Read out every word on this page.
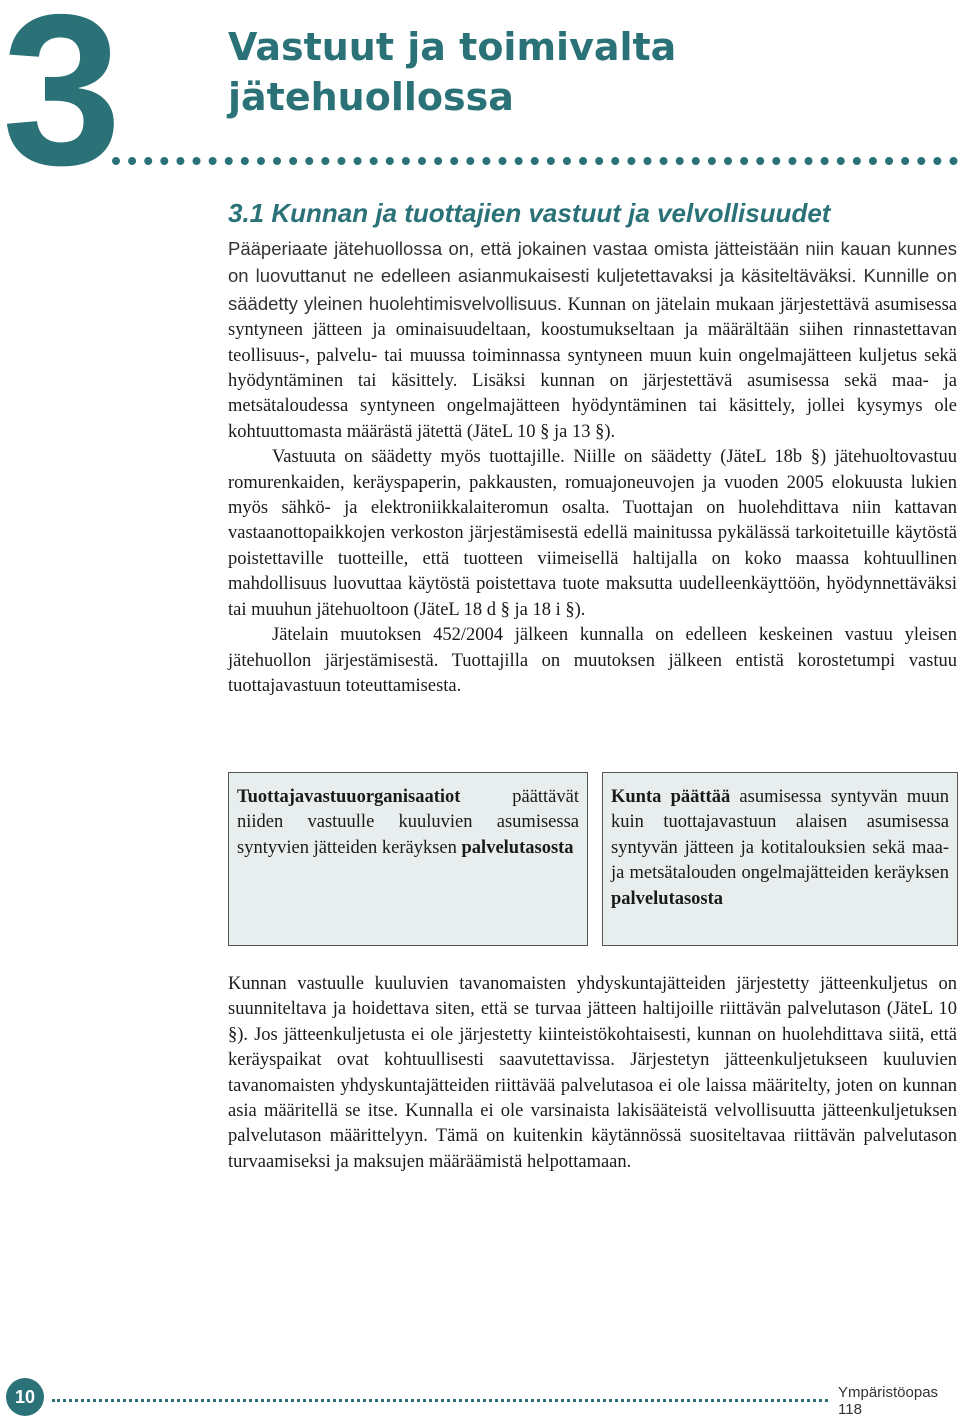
3	Vastuut ja toimivalta jätehuollossa
3.1 Kunnan ja tuottajien vastuut ja velvollisuudet

Pääperiaate jätehuollossa on, että jokainen vastaa omista jätteistään niin kauan kunnes on luovuttanut ne edelleen asianmukaisesti kuljetettavaksi ja käsiteltäväksi. Kunnille on säädetty yleinen huolehtimisvelvollisuus. Kunnan on jätelain mukaan järjestettävä asumisessa syntyneen jätteen ja ominaisuudeltaan, koostumukseltaan ja määrältään siihen rinnastettavan teollisuus-, palvelu- tai muussa toiminnassa syntyneen muun kuin ongelmajätteen kuljetus sekä hyödyntäminen tai käsittely. Lisäksi kunnan on järjestettävä asumisessa sekä maa- ja metsätaloudessa syntyneen ongelmajätteen hyödyntäminen tai käsittely, jollei kysymys ole kohtuuttomasta määrästä jätettä (JäteL 10 § ja 13 §).

Vastuuta on säädetty myös tuottajille. Niille on säädetty (JäteL 18b §) jätehuoltovastuu romurenkaiden, keräyspaperin, pakkausten, romuajoneuvojen ja vuoden 2005 elokuusta lukien myös sähkö- ja elektroniikkalaiteromun osalta. Tuottajan on huolehdittava niin kattavan vastaanottopaikkojen verkoston järjestämisestä edellä mainitussa pykälässä tarkoitetuille käytöstä poistettaville tuotteille, että tuotteen viimeisellä haltijalla on koko maassa kohtuullinen mahdollisuus luovuttaa käytöstä poistettava tuote maksutta uudelleenkäyttöön, hyödynnettäväksi tai muuhun jätehuoltoon (JäteL 18 d § ja 18 i §).

Jätelain muutoksen 452/2004 jälkeen kunnalla on edelleen keskeinen vastuu yleisen jätehuollon järjestämisestä. Tuottajilla on muutoksen jälkeen entistä korostetumpi vastuu tuottajavastuun toteuttamisesta.

Tuottajavastuuorganisaatiot päättävät niiden vastuulle kuuluvien asumisessa syntyvien jätteiden keräyksen palvelutasosta
Kunta päättää asumisessa syntyvän muun kuin tuottajavastuun alaisen asumisessa syntyvän jätteen ja kotitalouksien sekä maa- ja metsätalouden ongelmajätteiden keräyksen palvelutasosta

Kunnan vastuulle kuuluvien tavanomaisten yhdyskuntajätteiden järjestetty jätteenkuljetus on suunniteltava ja hoidettava siten, että se turvaa jätteen haltijoille riittävän palvelutason (JäteL 10 §). Jos jätteenkuljetusta ei ole järjestetty kiinteistökohtaisesti, kunnan on huolehdittava siitä, että keräyspaikat ovat kohtuullisesti saavutettavissa. Järjestetyn jätteenkuljetukseen kuuluvien tavanomaisten yhdyskuntajätteiden riittävää palvelutasoa ei ole laissa määritelty, joten on kunnan asia määritellä se itse. Kunnalla ei ole varsinaista lakisääteistä velvollisuutta jätteenkuljetuksen palvelutason määrittelyyn. Tämä on kuitenkin käytännössä suositeltavaa riittävän palvelutason turvaamiseksi ja maksujen määräämistä helpottamaan.

10	Ympäristöopas 118
